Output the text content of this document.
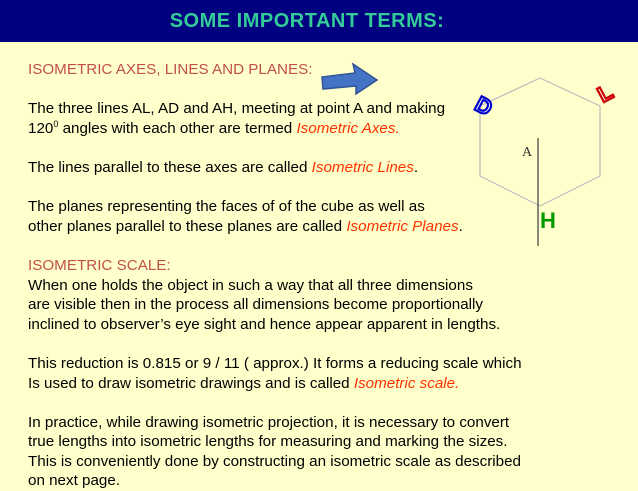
SOME IMPORTANT TERMS:

ISOMETRIC AXES, LINES AND PLANES:

The three lines AL, AD and AH, meeting at point A and making

$120^0$ angles with each other are termed Isometric Axes.

The lines parallel to these axes are called Isometric Lines.

The planes representing the faces of of the cube as well as

other planes parallel to these planes are called Isometric Planes.

ISOMETRIC SCALE:

When one holds the object in such a way that all three dimensions

are visible then in the process all dimensions become proportionally

inclined to observer’s eye sight and hence appear apparent in lengths.

This reduction is 0.815 or 9 / 11 ( approx.) It forms a reducing scale which

Is used to draw isometric drawings and is called Isometric scale.

In practice, while drawing isometric projection, it is necessary to convert

true lengths into isometric lengths for measuring and marking the sizes.

This is conveniently done by constructing an isometric scale as described

on next page.

D	L
A
H
